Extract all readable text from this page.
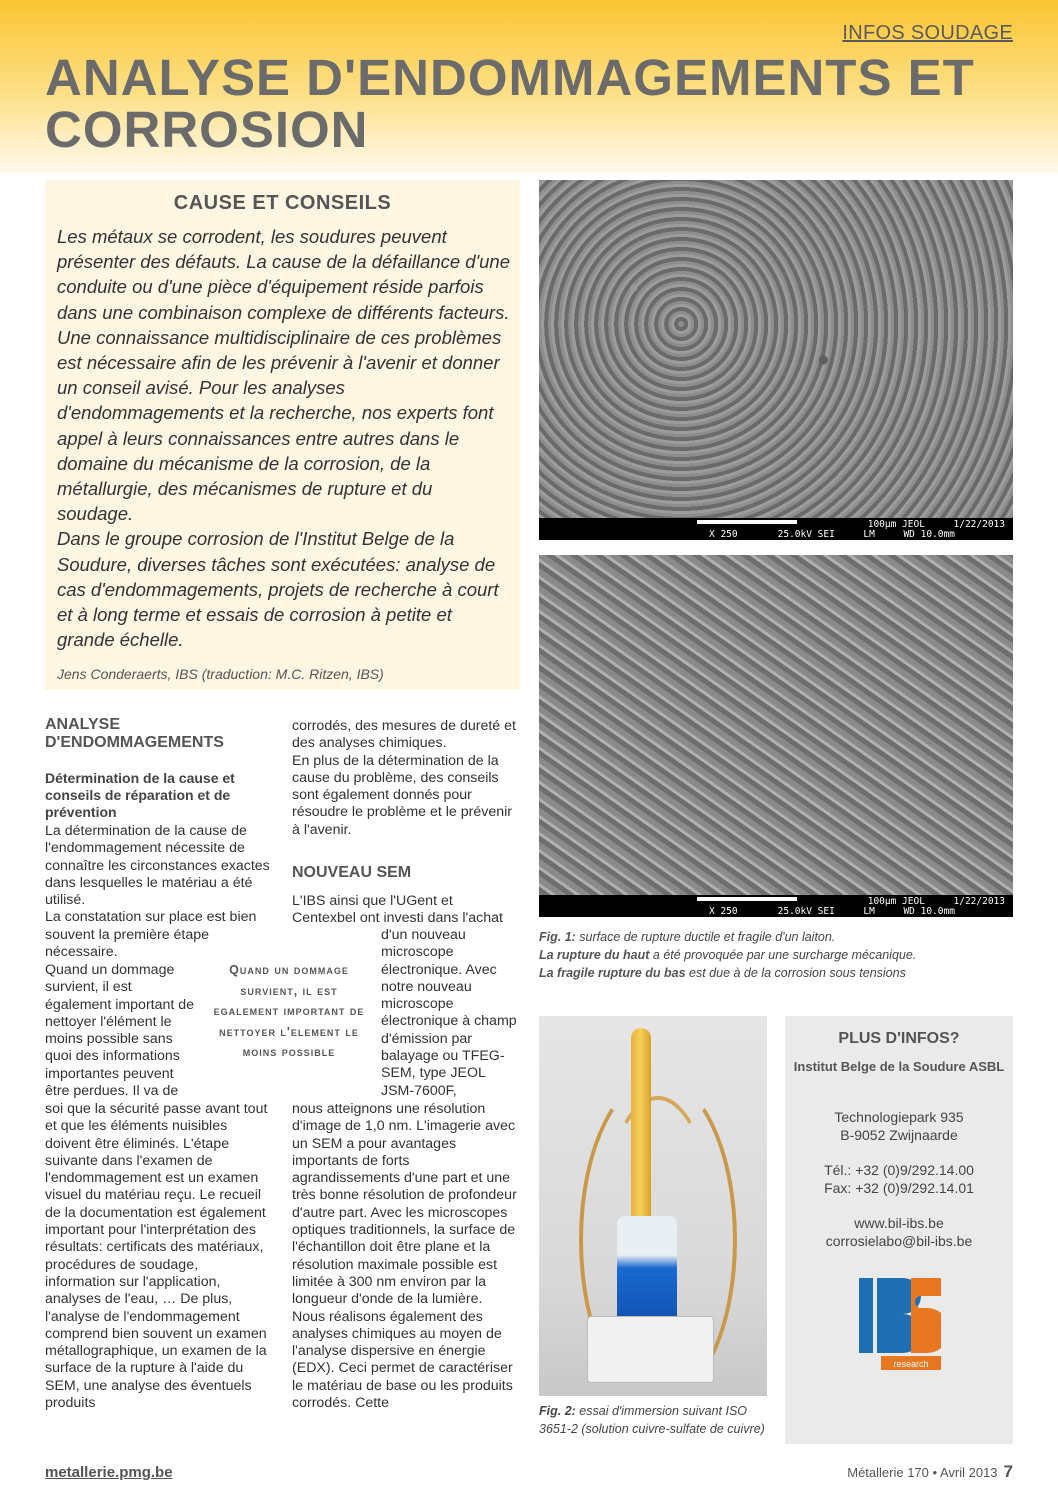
INFOS SOUDAGE
ANALYSE D'ENDOMMAGEMENTS ET CORROSION
CAUSE ET CONSEILS

Les métaux se corrodent, les soudures peuvent présenter des défauts. La cause de la défaillance d'une conduite ou d'une pièce d'équipement réside parfois dans une combinaison complexe de différents facteurs. Une connaissance multidisciplinaire de ces problèmes est nécessaire afin de les prévenir à l'avenir et donner un conseil avisé. Pour les analyses d'endommagements et la recherche, nos experts font appel à leurs connaissances entre autres dans le domaine du mécanisme de la corrosion, de la métallurgie, des mécanismes de rupture et du soudage.
Dans le groupe corrosion de l'Institut Belge de la Soudure, diverses tâches sont exécutées: analyse de cas d'endommagements, projets de recherche à court et à long terme et essais de corrosion à petite et grande échelle.

Jens Conderaerts, IBS (traduction: M.C. Ritzen, IBS)
100µm JEOL     1/22/2013
X 250       25.0kV SEI     LM     WD 10.0mm
100µm JEOL     1/22/2013
X 250       25.0kV SEI     LM     WD 10.0mm
Fig. 1: surface de rupture ductile et fragile d'un laiton.
La rupture du haut a été provoquée par une surcharge mécanique.
La fragile rupture du bas est due à de la corrosion sous tensions
Fig. 2: essai d'immersion suivant ISO 3651-2 (solution cuivre-sulfate de cuivre)
PLUS D'INFOS?
Institut Belge de la Soudure ASBL
Technologiepark 935
B-9052 Zwijnaarde
Tél.: +32 (0)9/292.14.00
Fax: +32 (0)9/292.14.01
www.bil-ibs.be
corrosielabo@bil-ibs.be
research
ANALYSE D'ENDOMMAGEMENTS
Détermination de la cause et conseils de réparation et de prévention

La détermination de la cause de l'endommagement nécessite de connaître les circonstances exactes dans lesquelles le matériau a été utilisé.
La constatation sur place est bien souvent la première étape nécessaire.

Quand un dommage survient, il est également important de nettoyer l'élément le moins possible sans quoi des informations importantes peuvent être perdues. Il va de

soi que la sécurité passe avant tout et que les éléments nuisibles doivent être éliminés. L'étape suivante dans l'examen de l'endommagement est un examen visuel du matériau reçu. Le recueil de la documentation est également important pour l'interprétation des résultats: certificats des matériaux, procédures de soudage, information sur l'application, analyses de l'eau, … De plus, l'analyse de l'endommagement comprend bien souvent un examen métallographique, un examen de la surface de la rupture à l'aide du SEM, une analyse des éventuels produits

Quand un dommage survient, il est egalement important de nettoyer l'element le moins possible

corrodés, des mesures de dureté et des analyses chimiques.
En plus de la détermination de la cause du problème, des conseils sont également donnés pour résoudre le problème et le prévenir à l'avenir.

NOUVEAU SEM

L'IBS ainsi que l'UGent et Centexbel ont investi dans l'achat

d'un nouveau microscope électronique. Avec notre nouveau microscope électronique à champ d'émission par balayage ou TFEG-SEM, type JEOL JSM-7600F,

nous atteignons une résolution d'image de 1,0 nm. L'imagerie avec un SEM a pour avantages importants de forts agrandissements d'une part et une très bonne résolution de profondeur d'autre part. Avec les microscopes optiques traditionnels, la surface de l'échantillon doit être plane et la résolution maximale possible est limitée à 300 nm environ par la longueur d'onde de la lumière.
Nous réalisons également des analyses chimiques au moyen de l'analyse dispersive en énergie (EDX). Ceci permet de caractériser le matériau de base ou les produits corrodés. Cette

metallerie.pmg.be	Métallerie 170 • Avril 2013 7
